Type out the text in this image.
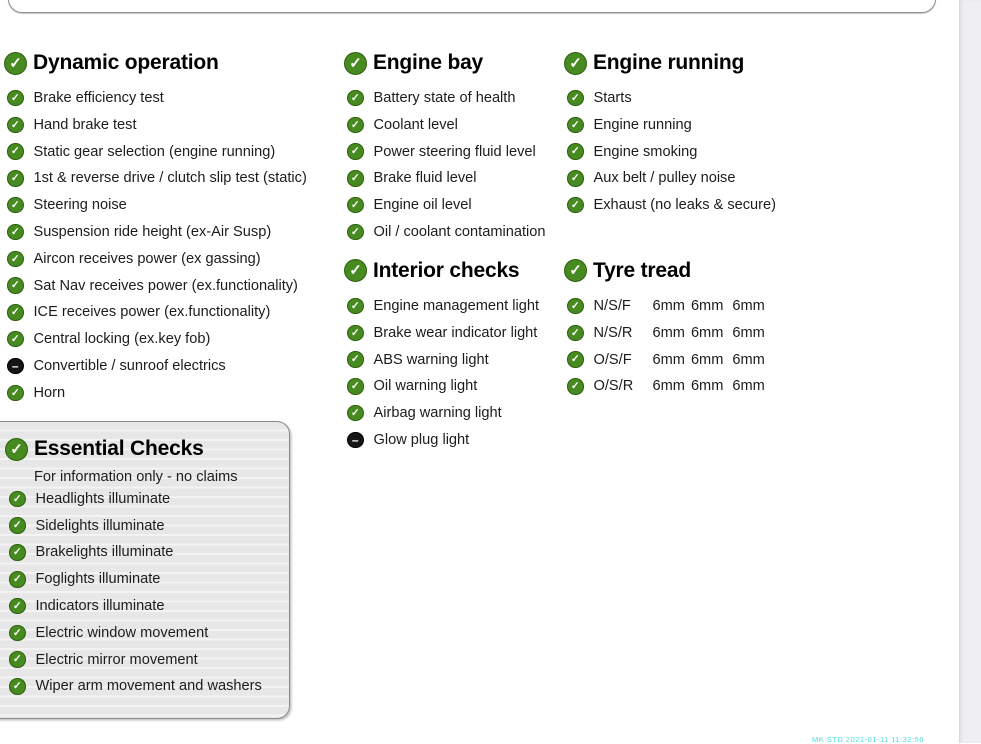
✓ Dynamic operation
✓ Brake efficiency test
✓ Hand brake test
✓ Static gear selection (engine running)
✓ 1st & reverse drive / clutch slip test (static)
✓ Steering noise
✓ Suspension ride height (ex-Air Susp)
✓ Aircon receives power (ex gassing)
✓ Sat Nav receives power (ex.functionality)
✓ ICE receives power (ex.functionality)
✓ Central locking (ex.key fob)
–	Convertible / sunroof electrics
✓ Horn
✓ Engine bay
✓ Battery state of health
✓ Coolant level
✓ Power steering fluid level
✓ Brake fluid level
✓ Engine oil level
✓ Oil / coolant contamination
✓ Interior checks
✓ Engine management light
✓ Brake wear indicator light
✓ ABS warning light
✓ Oil warning light
✓ Airbag warning light
–	Glow plug light
✓ Engine running
✓ Starts
✓ Engine running
✓ Engine smoking
✓ Aux belt / pulley noise
✓ Exhaust (no leaks & secure)
✓ Tyre tread
✓ N/S/F	6mm 6mm 6mm
✓ N/S/R	6mm 6mm 6mm
✓ O/S/F	6mm 6mm 6mm
✓ O/S/R	6mm 6mm 6mm
✓ Essential Checks
For information only - no claims
✓ Headlights illuminate
✓ Sidelights illuminate
✓ Brakelights illuminate
✓ Foglights illuminate
✓ Indicators illuminate
✓ Electric window movement
✓ Electric mirror movement
✓ Wiper arm movement and washers
MK STD 2021-01-11 11:32:56
